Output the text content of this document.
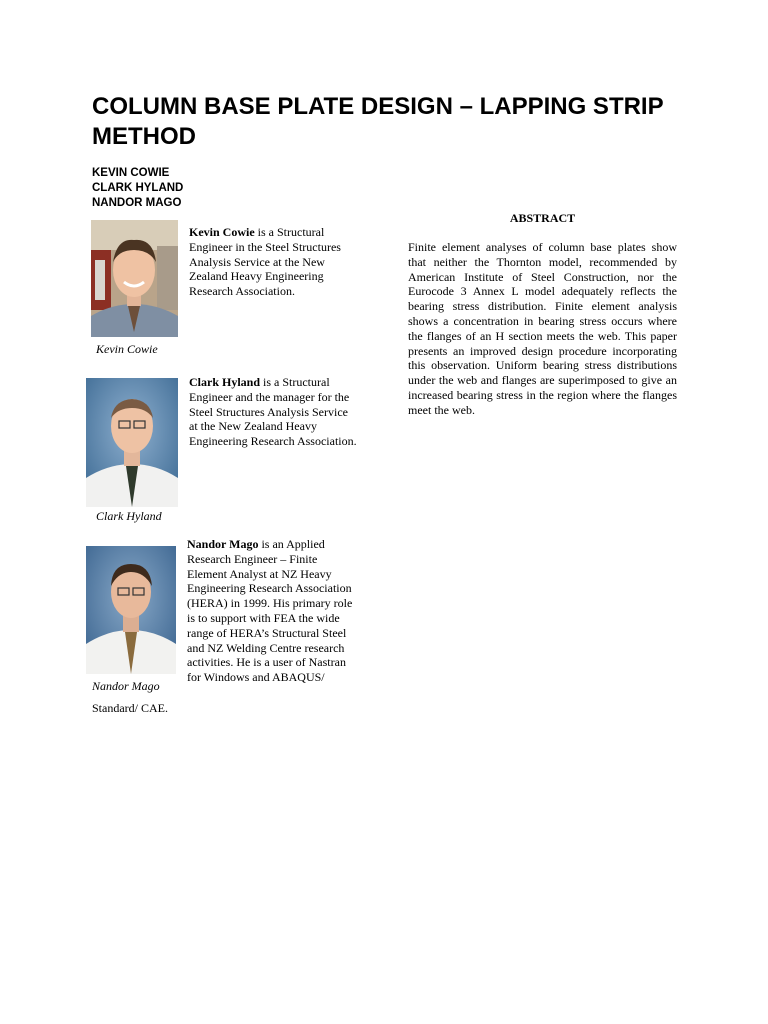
COLUMN BASE PLATE DESIGN – LAPPING STRIP METHOD
KEVIN COWIE
CLARK HYLAND
NANDOR MAGO
Kevin Cowie
Kevin Cowie is a Structural Engineer in the Steel Structures Analysis Service at the New Zealand Heavy Engineering Research Association.
Clark Hyland
Clark Hyland is a Structural Engineer and the manager for the Steel Structures Analysis Service at the New Zealand Heavy Engineering Research Association.
Nandor Mago
Nandor Mago is an Applied Research Engineer – Finite Element Analyst at NZ Heavy Engineering Research Association (HERA) in 1999. His primary role is to support with FEA the wide range of HERA’s Structural Steel and NZ Welding Centre research activities. He is a user of Nastran for Windows and ABAQUS/
Standard/ CAE.
ABSTRACT
Finite element analyses of column base plates show that neither the Thornton model, recommended by American Institute of Steel Construction, nor the Eurocode 3 Annex L model adequately reflects the bearing stress distribution. Finite element analysis shows a concentration in bearing stress occurs where the flanges of an H section meets the web. This paper presents an improved design procedure incorporating this observation. Uniform bearing stress distributions under the web and flanges are superimposed to give an increased bearing stress in the region where the flanges meet the web.
